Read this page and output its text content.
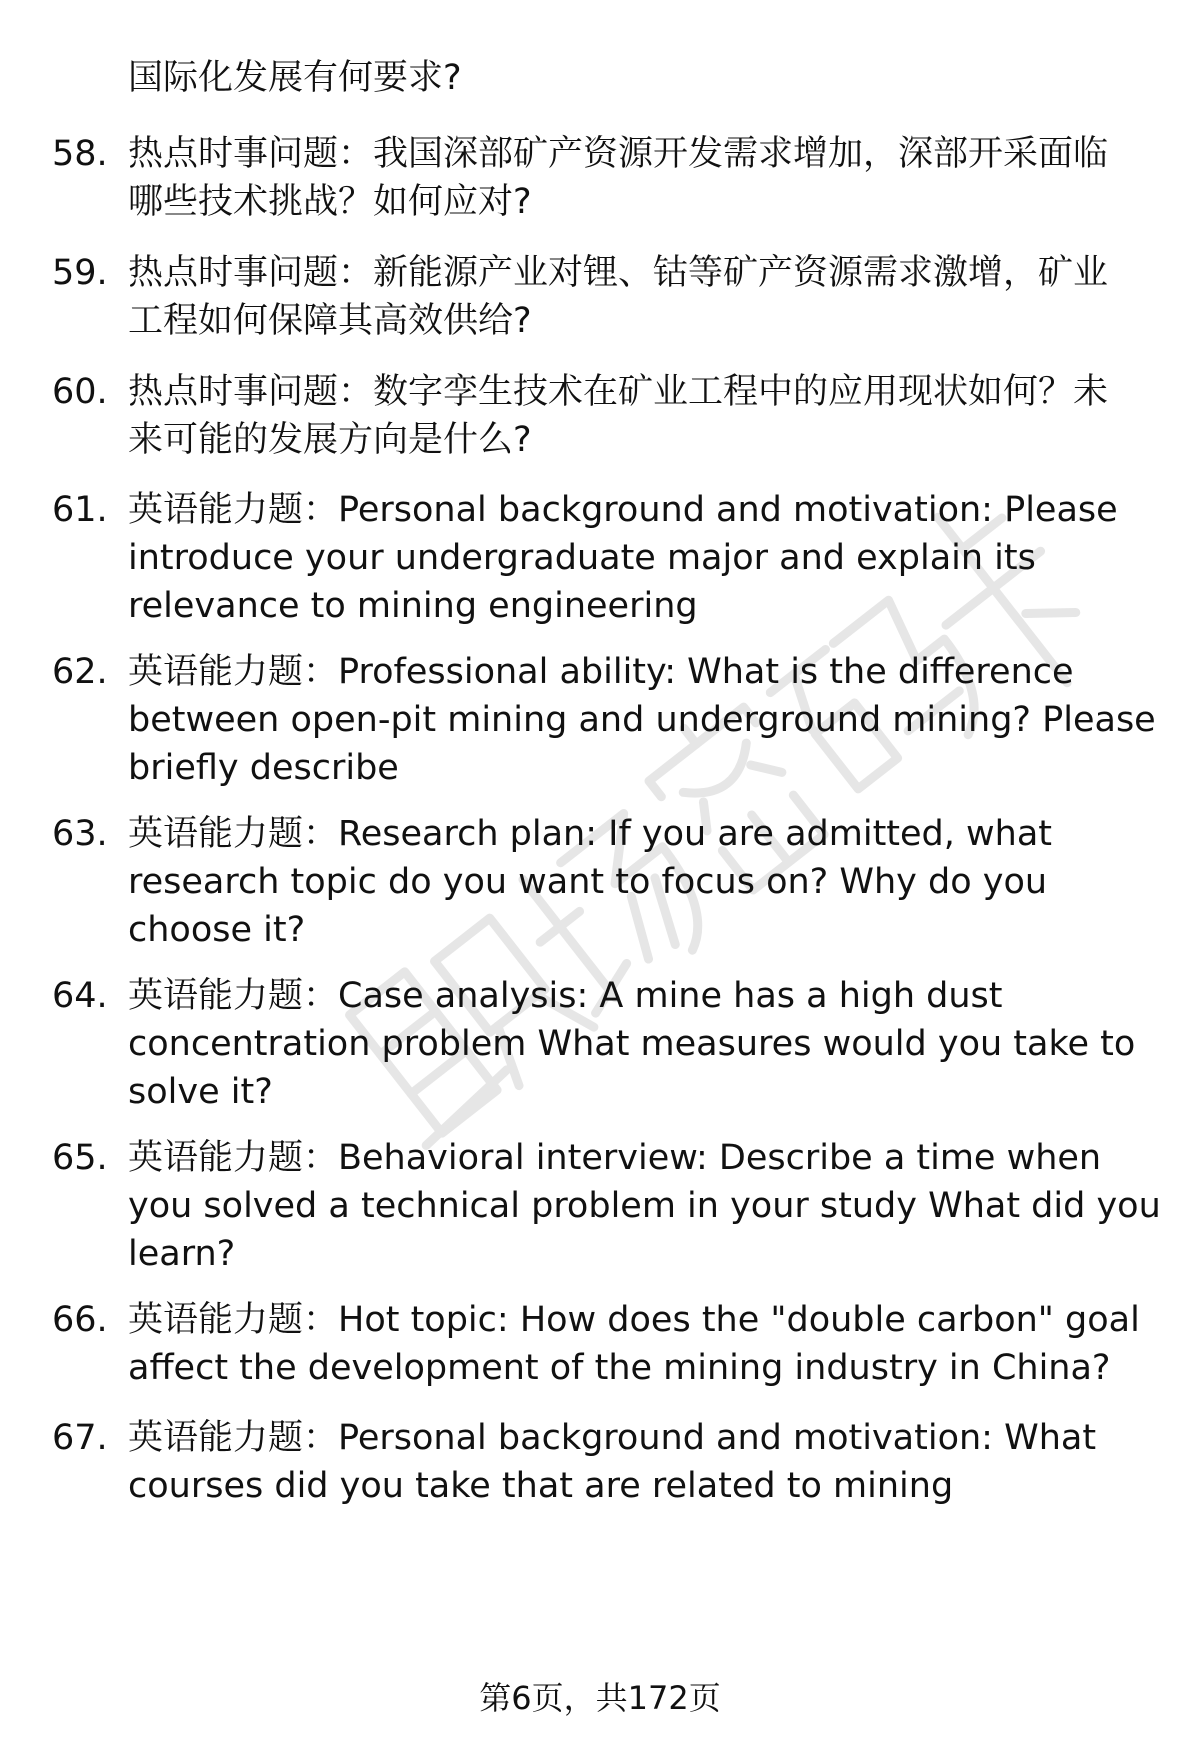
国际化发展有何要求?
58. 热点时事问题：我国深部矿产资源开发需求增加，深部开采面临
哪些技术挑战？如何应对?
59. 热点时事问题：新能源产业对锂、钴等矿产资源需求激增，矿业
工程如何保障其高效供给?
60. 热点时事问题：数字孪生技术在矿业工程中的应用现状如何？未
来可能的发展方向是什么?
61. 英语能力题：Personal background and motivation: Please
introduce your undergraduate major and explain its
relevance to mining engineering
62. 英语能力题：Professional ability: What is the difference
between open-pit mining and underground mining? Please
briefly describe
63. 英语能力题：Research plan: If you are admitted, what
research topic do you want to focus on? Why do you
choose it?
64. 英语能力题：Case analysis: A mine has a high dust
concentration problem What measures would you take to
solve it?
65. 英语能力题：Behavioral interview: Describe a time when
you solved a technical problem in your study What did you
learn?
66. 英语能力题：Hot topic: How does the "double carbon" goal
affect the development of the mining industry in China?
67. 英语能力题：Personal background and motivation: What
courses did you take that are related to mining
第6页，共172页
